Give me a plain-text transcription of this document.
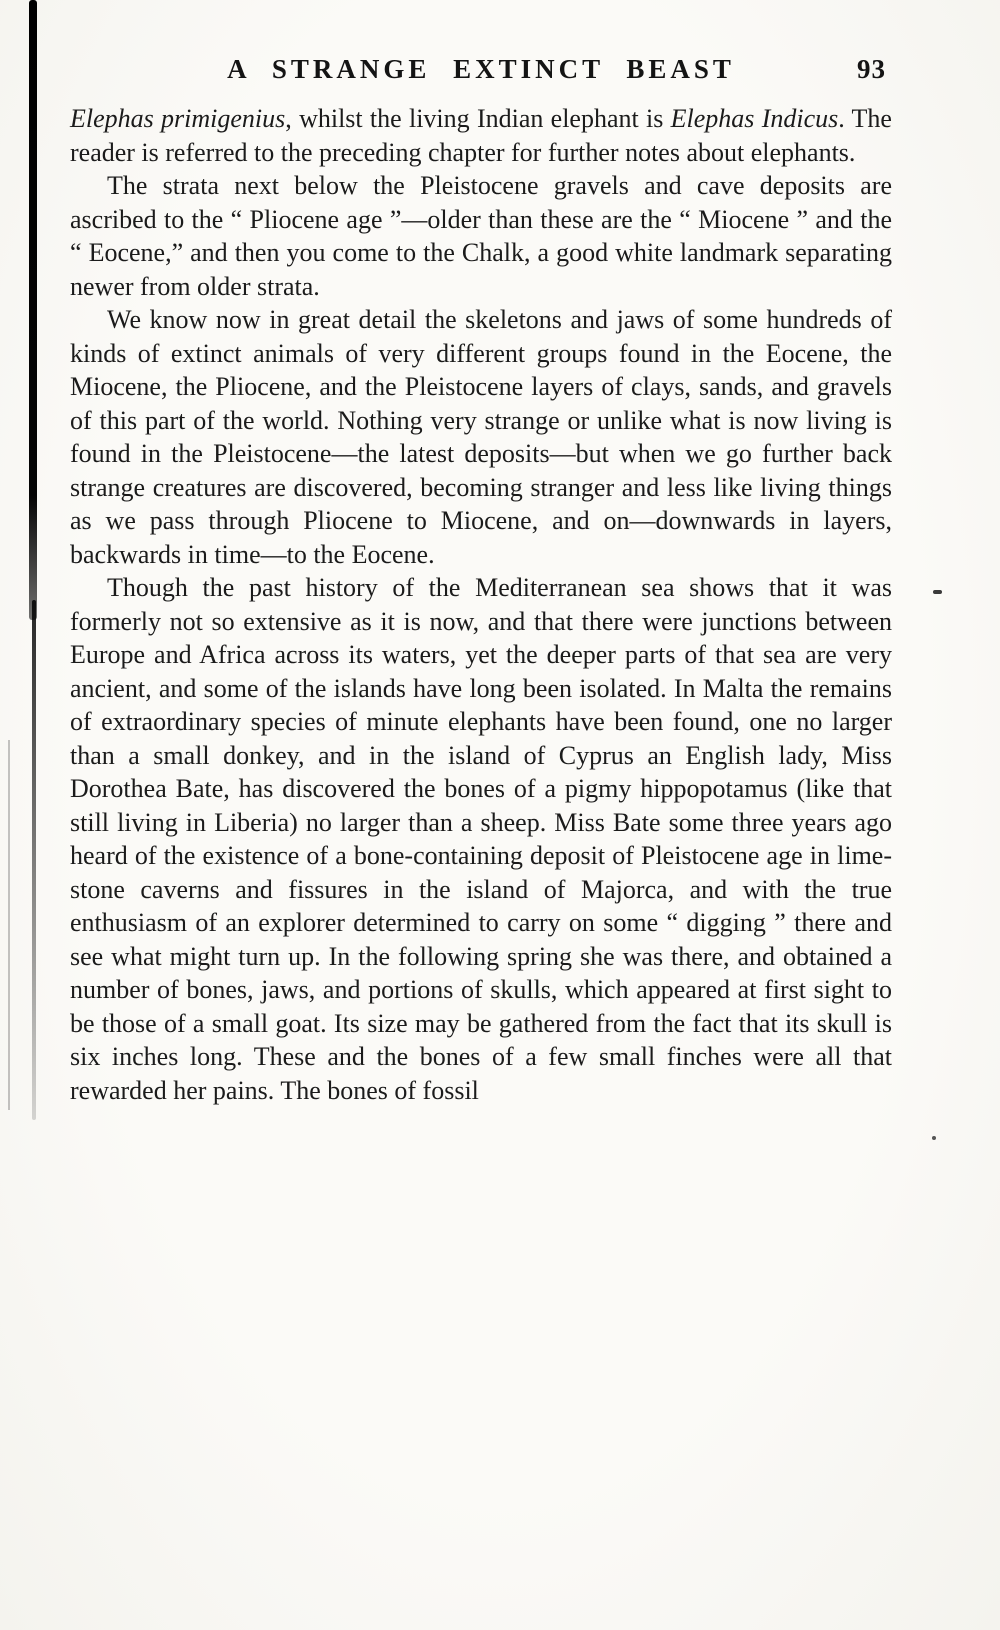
A STRANGE EXTINCT BEAST	93

Elephas primigenius, whilst the living Indian elephant is Elephas Indicus. The reader is referred to the preceding chapter for further notes about elephants.

The strata next below the Pleistocene gravels and cave deposits are ascribed to the “ Pliocene age ”—older than these are the “ Miocene ” and the “ Eocene,” and then you come to the Chalk, a good white landmark separating newer from older strata.

We know now in great detail the skeletons and jaws of some hundreds of kinds of extinct animals of very different groups found in the Eocene, the Miocene, the Pliocene, and the Pleistocene layers of clays, sands, and gravels of this part of the world. Nothing very strange or unlike what is now living is found in the Pleistocene—the latest deposits—but when we go further back strange creatures are discovered, becoming stranger and less like living things as we pass through Pliocene to Miocene, and on—downwards in layers, backwards in time—to the Eocene.

Though the past history of the Mediterranean sea shows that it was formerly not so extensive as it is now, and that there were junctions between Europe and Africa across its waters, yet the deeper parts of that sea are very ancient, and some of the islands have long been isolated. In Malta the remains of extraordinary species of minute elephants have been found, one no larger than a small donkey, and in the island of Cyprus an English lady, Miss Dorothea Bate, has discovered the bones of a pigmy hippopotamus (like that still living in Liberia) no larger than a sheep. Miss Bate some three years ago heard of the existence of a bone-containing deposit of Pleistocene age in lime-stone caverns and fissures in the island of Majorca, and with the true enthusiasm of an explorer determined to carry on some “ digging ” there and see what might turn up. In the following spring she was there, and obtained a number of bones, jaws, and portions of skulls, which appeared at first sight to be those of a small goat. Its size may be gathered from the fact that its skull is six inches long. These and the bones of a few small finches were all that rewarded her pains. The bones of fossil
